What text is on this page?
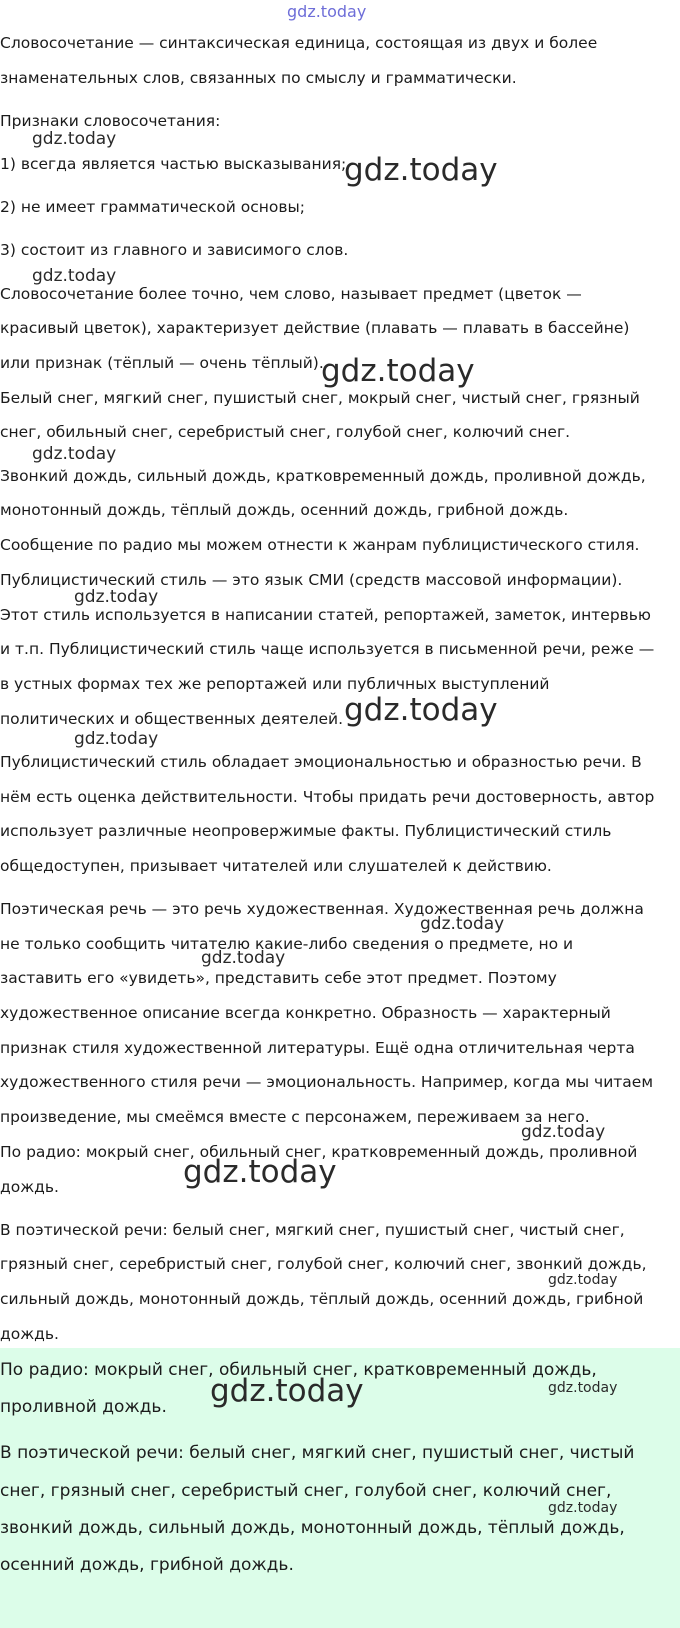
Словосочетание — синтаксическая единица, состоящая из двух и более

знаменательных слов, связанных по смыслу и грамматически.

Признаки словосочетания:

1) всегда является частью высказывания;

2) не имеет грамматической основы;

3) состоит из главного и зависимого слов.

Словосочетание более точно, чем слово, называет предмет (цветок —

красивый цветок), характеризует действие (плавать — плавать в бассейне)

или признак (тёплый — очень тёплый).

Белый снег, мягкий снег, пушистый снег, мокрый снег, чистый снег, грязный

снег, обильный снег, серебристый снег, голубой снег, колючий снег.

Звонкий дождь, сильный дождь, кратковременный дождь, проливной дождь,

монотонный дождь, тёплый дождь, осенний дождь, грибной дождь.

Сообщение по радио мы можем отнести к жанрам публицистического стиля.

Публицистический стиль — это язык СМИ (средств массовой информации).

Этот стиль используется в написании статей, репортажей, заметок, интервью

и т.п. Публицистический стиль чаще используется в письменной речи, реже —

в устных формах тех же репортажей или публичных выступлений

политических и общественных деятелей.

Публицистический стиль обладает эмоциональностью и образностью речи. В

нём есть оценка действительности. Чтобы придать речи достоверность, автор

использует различные неопровержимые факты. Публицистический стиль

общедоступен, призывает читателей или слушателей к действию.

Поэтическая речь — это речь художественная. Художественная речь должна

не только сообщить читателю какие-либо сведения о предмете, но и

заставить его «увидеть», представить себе этот предмет. Поэтому

художественное описание всегда конкретно. Образность — характерный

признак стиля художественной литературы. Ещё одна отличительная черта

художественного стиля речи — эмоциональность. Например, когда мы читаем

произведение, мы смеёмся вместе с персонажем, переживаем за него.

По радио: мокрый снег, обильный снег, кратковременный дождь, проливной

дождь.

В поэтической речи: белый снег, мягкий снег, пушистый снег, чистый снег,

грязный снег, серебристый снег, голубой снег, колючий снег, звонкий дождь,

сильный дождь, монотонный дождь, тёплый дождь, осенний дождь, грибной

дождь.

По радио: мокрый снег, обильный снег, кратковременный дождь,

проливной дождь.

В поэтической речи: белый снег, мягкий снег, пушистый снег, чистый

снег, грязный снег, серебристый снег, голубой снег, колючий снег,

звонкий дождь, сильный дождь, монотонный дождь, тёплый дождь,

осенний дождь, грибной дождь.

gdz.today
gdz.today
gdz.today
gdz.today
gdz.today
gdz.today
gdz.today
gdz.today
gdz.today
gdz.today
gdz.today
gdz.today
gdz.today
gdz.today
gdz.today	gdz.today
gdz.today
